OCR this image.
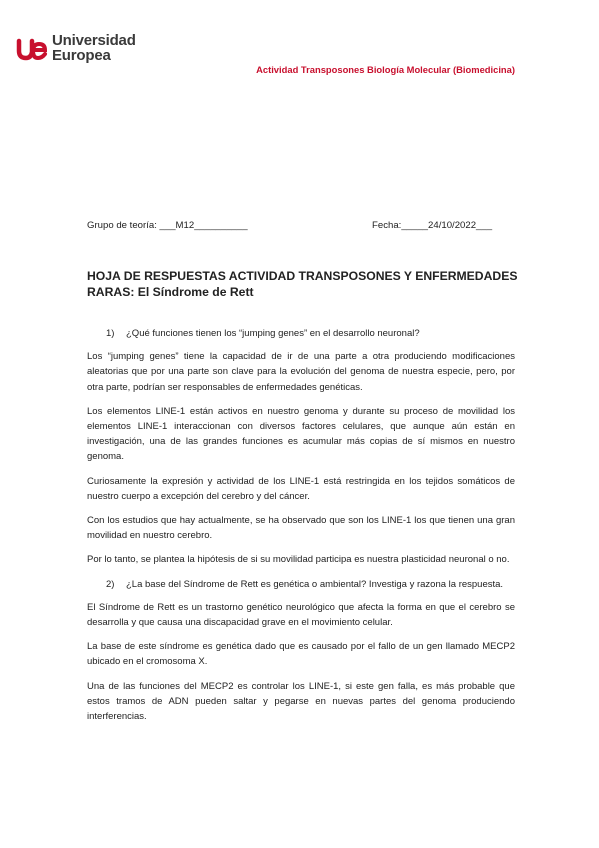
Universidad
Europea
Actividad Transposones Biología Molecular (Biomedicina)
Grupo de teoría: ___M12__________	Fecha:_____24/10/2022___
HOJA DE RESPUESTAS ACTIVIDAD TRANSPOSONES Y ENFERMEDADES RARAS: El Síndrome de Rett
1)	¿Qué funciones tienen los “jumping genes” en el desarrollo neuronal?

Los “jumping genes” tiene la capacidad de ir de una parte a otra produciendo modificaciones aleatorias que por una parte son clave para la evolución del genoma de nuestra especie, pero, por otra parte, podrían ser responsables de enfermedades genéticas.

Los elementos LINE-1 están activos en nuestro genoma y durante su proceso de movilidad los elementos LINE-1 interaccionan con diversos factores celulares, que aunque aún están en investigación, una de las grandes funciones es acumular más copias de sí mismos en nuestro genoma.

Curiosamente la expresión y actividad de los LINE-1 está restringida en los tejidos somáticos de nuestro cuerpo a excepción del cerebro y del cáncer.

Con los estudios que hay actualmente, se ha observado que son los LINE-1 los que tienen una gran movilidad en nuestro cerebro.

Por lo tanto, se plantea la hipótesis de si su movilidad participa es nuestra plasticidad neuronal o no.

2)	¿La base del Síndrome de Rett es genética o ambiental? Investiga y razona la respuesta.

El Síndrome de Rett es un trastorno genético neurológico que afecta la forma en que el cerebro se desarrolla y que causa una discapacidad grave en el movimiento celular.

La base de este síndrome es genética dado que es causado por el fallo de un gen llamado MECP2 ubicado en el cromosoma X.

Una de las funciones del MECP2 es controlar los LINE-1, si este gen falla, es más probable que estos tramos de ADN pueden saltar y pegarse en nuevas partes del genoma produciendo interferencias.
